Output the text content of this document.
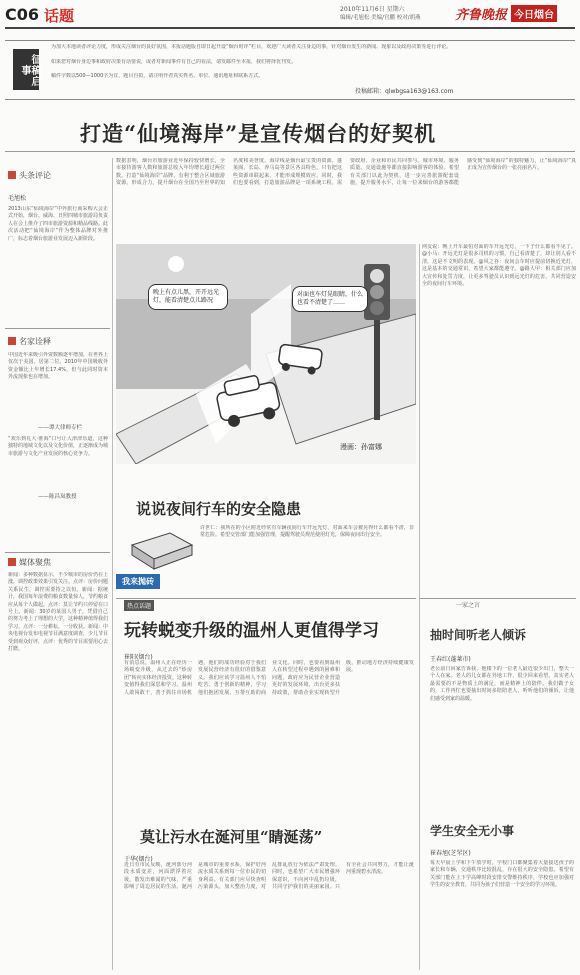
C06 话题	2010年11月6日 星期六
编辑/毛旭松 美编/宫鹏 校对/胡燕	齐鲁晚报 今日烟台
征稿启事
为加大本地读者评论力度，形成关注烟台的良好氛围，本报话题版自即日起开设“烟台时评”栏目，欢迎广大读者关注身边的事，针对烟台发生的新闻、现象以及政府决策等进行评论。
如果您对烟台身边事和政府决策有话要说，或者对新闻事件有自己的看法，请发邮件至本报，我们将择优刊发。
稿件字数以500—1000字为宜，题目自拟，请注明作者真实姓名、单位、通讯地址和联系方式。
投稿邮箱：qlwbgsa163@163.com
打造“仙境海岸”是宣传烟台的好契机
头条评论
毛旭松
2013山东“仙境海岸”中外旅行商采购大会正式开始，烟台、威海、日照四城市旅游局负责人在会上推介了四市旅游资源和精品线路。此次活动把“仙境海岸”作为整体品牌对外推广，标志着烟台旅游业发展迈入新阶段。
数据表明，烟台市旅游业近年保持较快增长，全市接待游客人数和旅游总收入年均增长超过两位数。打造“仙境海岸”品牌，有利于整合区域旅游资源，形成合力，提升烟台在全国乃至世界的知名度和美誉度。海岸线是烟台最宝贵的资源，蓬莱阁、长岛、养马岛等景区各具特色，只有把这些资源串联起来，才能形成规模效应。同时，我们也要看到，打造旅游品牌是一项系统工程，需要政府、企业和市民共同参与。城市环境、服务质量、交通设施等都直接影响游客的体验。希望有关部门以此为契机，进一步完善旅游配套设施，提升服务水平，让每一位来烟台的游客都能感受到“仙境海岸”的独特魅力，让“仙境海岸”真正成为宣传烟台的一张亮丽名片。
名家诠释
中国近年来吸引外资数额逐年增加，在世界上仅次于美国，居第二位。2010年中国吸收外资金额比上年增长17.4%，但与此同时资本外流现象也在增加。
——谭大律师专栏
“欢乐到礼大·淮海”口号让人津津乐道，这种独特的地域文化以及文化价值，正逐渐成为城市旅游与文化产业发展的核心竞争力。
——陈昌岚教授
媒体聚焦
新闻：多种数据显示，不少城市的房价仍在上涨，调控政策效果引发关注。点评：房价问题关系民生，调控需要持之以恒。新闻：据统计，我国每年浪费的粮食数量惊人，节约粮食应从每个人做起。点评：莫让节约只停留在口号上。新闻：30岁的某国人男子，凭借自己的努力考上了理想的大学，这种精神值得我们学习。点评：一分耕耘，一分收获。新闻：中央电视台发布电视节目满意度调查，少儿节目受到观众好评，点评：优秀的节目需要用心去打磨。
晚上有点儿黑，开开远光灯，能看清楚点儿路况
对面也车灯晃眼睛，什么也看不清楚了……
漫画：孙富娜
说说夜间行车的安全隐患
我来抛砖
许世仁：我所在的小区附近经常有车辆夜间行车开远光灯，对面来车会被晃得什么都看不清，非常危险。希望交管部门能加强管理，提醒驾驶员规范使用灯光，保障夜间出行安全。
网友说：晚上开车最怕对面的车开远光灯，一下子什么都看不见了。@小马：开远光灯是很多司机的习惯，自己看清楚了，却让别人看不清，这是不文明的表现。@风之谷：夜间会车时应提前切换近光灯，这是基本的交通常识，希望大家都能遵守。@路人甲：相关部门应加大宣传和处罚力度，让更多驾驶员认识到远光灯的危害，共同营造安全的夜间行车环境。
热点话题
玩转蜕变升级的温州人更值得学习
崔阳(烟台)
有消息说，温州人正在经历一场蜕变升级，从过去的“炒房团”转向实体经济投资。这种转变值得我们深思和学习。温州人敢闯敢干，善于抓住市场机遇，他们的成功经验对于我们发展民营经济有很好的借鉴意义。我们应该学习温州人不怕吃苦、勇于创新的精神，学习他们抱团发展、互帮互助的商业文化。同时，也要看到温州人在转型过程中遇到的困难和问题，政府应为民营企业营造更好的发展环境，出台更多扶持政策，帮助企业实现转型升级，推动地方经济持续健康发展。
莫让污水在涎河里“睛涎荡”
于华(烟台)
近日有市民反映，涎河部分河段水质变差，河面漂浮着垃圾，散发出难闻的气味，严重影响了周边居民的生活。涎河是城市的重要水系，保护好河流水质关系到每一位市民的切身利益。有关部门应尽快查明污染源头，加大整治力度，对乱排乱放行为依法严肃处理。同时，也希望广大市民增强环保意识，不向河中乱扔垃圾，共同守护我们的美丽家园。只有全社会共同努力，才能让涎河重现碧水清流。
一家之言
抽时间听老人倾诉
王春红(蓬莱市)
老公前日回家告诉我，他楼下的一位老人最近很少出门，整天一个人在家。老人的儿女都在外地工作，很少回来看望。其实老人最需要的不是物质上的满足，而是精神上的陪伴。我们做子女的，工作再忙也要抽出时间多陪陪老人，听听他们的倾诉，让他们感受到家的温暖。
学生安全无小事
崔春旭(芝罘区)
每天早晨上学和下午放学时，学校门口都聚集着大量接送孩子的家长和车辆，交通秩序比较混乱，存在很大的安全隐患。希望有关部门能在上下学高峰时段安排交警维持秩序，学校也应加强对学生的安全教育，共同为孩子们营造一个安全的学习环境。
